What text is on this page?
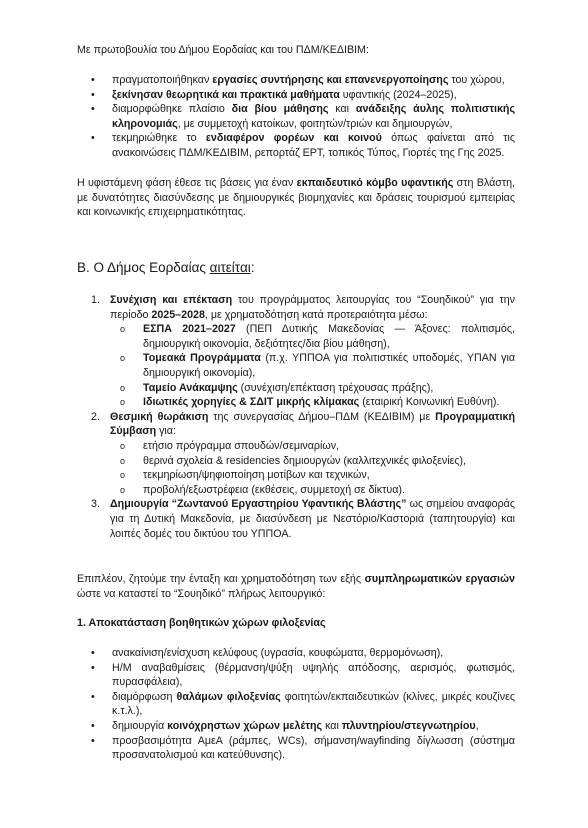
Με πρωτοβουλία του Δήμου Εορδαίας και του ΠΔΜ/ΚΕΔΙΒΙΜ:

• πραγματοποιήθηκαν εργασίες συντήρησης και επανενεργοποίησης του χώρου,
• ξεκίνησαν θεωρητικά και πρακτικά μαθήματα υφαντικής (2024–2025),
• διαμορφώθηκε πλαίσιο δια βίου μάθησης και ανάδειξης άυλης πολιτιστικής κληρονομιάς, με συμμετοχή κατοίκων, φοιτητών/τριών και δημιουργών,
• τεκμηριώθηκε το ενδιαφέρον φορέων και κοινού όπως φαίνεται από τις ανακοινώσεις ΠΔΜ/ΚΕΔΙΒΙΜ, ρεπορτάζ ΕΡΤ, τοπικός Τύπος, Γιορτές της Γης 2025.

Η υφιστάμενη φάση έθεσε τις βάσεις για έναν εκπαιδευτικό κόμβο υφαντικής στη Βλάστη, με δυνατότητες διασύνδεσης με δημιουργικές βιομηχανίες και δράσεις τουρισμού εμπειρίας και κοινωνικής επιχειρηματικότητας.

Β. Ο Δήμος Εορδαίας αιτείται:

1. Συνέχιση και επέκταση του προγράμματος λειτουργίας του “Σουηδικού” για την περίοδο 2025–2028, με χρηματοδότηση κατά προτεραιότητα μέσω:
o ΕΣΠΑ 2021–2027 (ΠΕΠ Δυτικής Μακεδονίας — Άξονες: πολιτισμός, δημιουργική οικονομία, δεξιότητες/δια βίου μάθηση),
o Τομεακά Προγράμματα (π.χ. ΥΠΠΟΑ για πολιτιστικές υποδομές, ΥΠΑΝ για δημιουργική οικονομία),
o Ταμείο Ανάκαμψης (συνέχιση/επέκταση τρέχουσας πράξης),
o Ιδιωτικές χορηγίες & ΣΔΙΤ μικρής κλίμακας (εταιρική Κοινωνική Ευθύνη).
2. Θεσμική θωράκιση της συνεργασίας Δήμου–ΠΔΜ (ΚΕΔΙΒΙΜ) με Προγραμματική Σύμβαση για:
o ετήσιο πρόγραμμα σπουδών/σεμιναρίων,
o θερινά σχολεία & residencies δημιουργών (καλλιτεχνικές φιλοξενίες),
o τεκμηρίωση/ψηφιοποίηση μοτίβων και τεχνικών,
o προβολή/εξωστρέφεια (εκθέσεις, συμμετοχή σε δίκτυα).
3. Δημιουργία “Ζωντανού Εργαστηρίου Υφαντικής Βλάστης” ως σημείου αναφοράς για τη Δυτική Μακεδονία, με διασύνδεση με Νεστόριο/Καστοριά (ταπητουργία) και λοιπές δομές του δικτύου του ΥΠΠΟΑ.

Επιπλέον, ζητούμε την ένταξη και χρηματοδότηση των εξής συμπληρωματικών εργασιών ώστε να καταστεί το “Σουηδικό” πλήρως λειτουργικό:

1. Αποκατάσταση βοηθητικών χώρων φιλοξενίας

• ανακαίνιση/ενίσχυση κελύφους (υγρασία, κουφώματα, θερμομόνωση),
• Η/Μ αναβαθμίσεις (θέρμανση/ψύξη υψηλής απόδοσης, αερισμός, φωτισμός, πυρασφάλεια),
• διαμόρφωση θαλάμων φιλοξενίας φοιτητών/εκπαιδευτικών (κλίνες, μικρές κουζίνες κ.τ.λ.),
• δημιουργία κοινόχρηστων χώρων μελέτης και πλυντηρίου/στεγνωτηρίου,
• προσβασιμότητα ΑμεΑ (ράμπες, WCs), σήμανση/wayfinding δίγλωσση (σύστημα προσανατολισμού και κατεύθυνσης).
